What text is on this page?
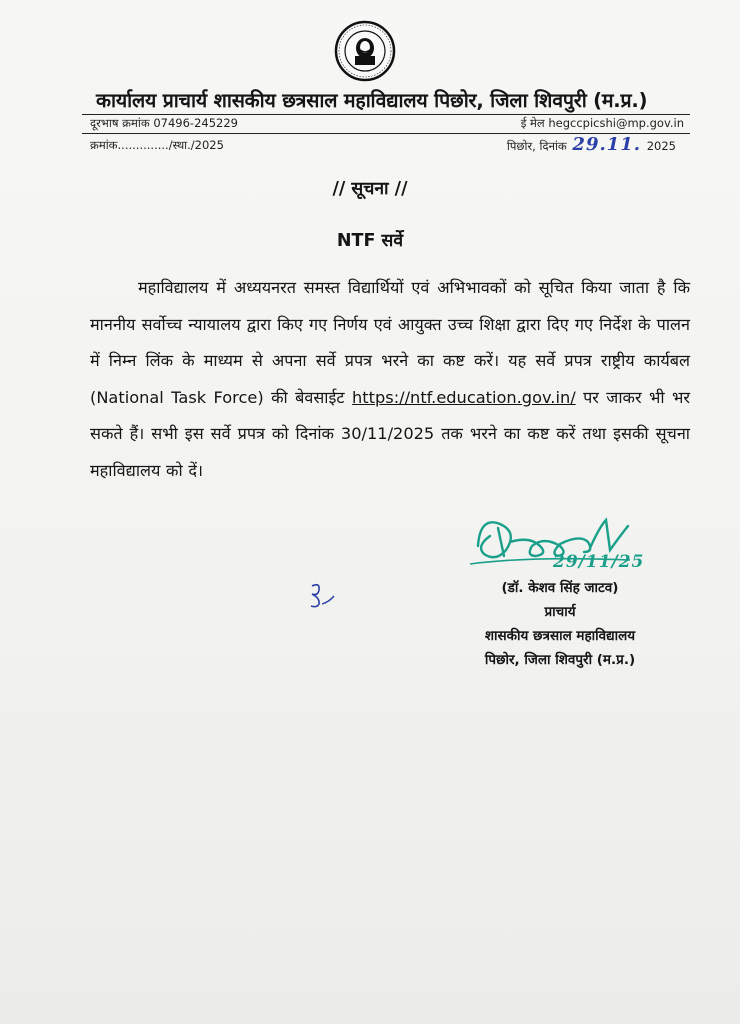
कार्यालय प्राचार्य शासकीय छत्रसाल महाविद्यालय पिछोर, जिला शिवपुरी (म.प्र.)
दूरभाष क्रमांक 07496-245229	ई मेल hegccpicshi@mp.gov.in
क्रमांक............../स्था./2025	पिछोर, दिनांक 29.11. 2025
// सूचना //
NTF सर्वे
महाविद्यालय में अध्ययनरत समस्त विद्यार्थियों एवं अभिभावकों को सूचित किया जाता है कि माननीय सर्वोच्च न्यायालय द्वारा किए गए निर्णय एवं आयुक्त उच्च शिक्षा द्वारा दिए गए निर्देश के पालन में निम्न लिंक के माध्यम से अपना सर्वे प्रपत्र भरने का कष्ट करें। यह सर्वे प्रपत्र राष्ट्रीय कार्यबल (National Task Force) की बेवसाईट https://ntf.education.gov.in/ पर जाकर भी भर सकते हैं। सभी इस सर्वे प्रपत्र को दिनांक 30/11/2025 तक भरने का कष्ट करें तथा इसकी सूचना महाविद्यालय को दें।
29/11/25
(डॉ. केशव सिंह जाटव)
प्राचार्य
शासकीय छत्रसाल महाविद्यालय
पिछोर, जिला शिवपुरी (म.प्र.)
